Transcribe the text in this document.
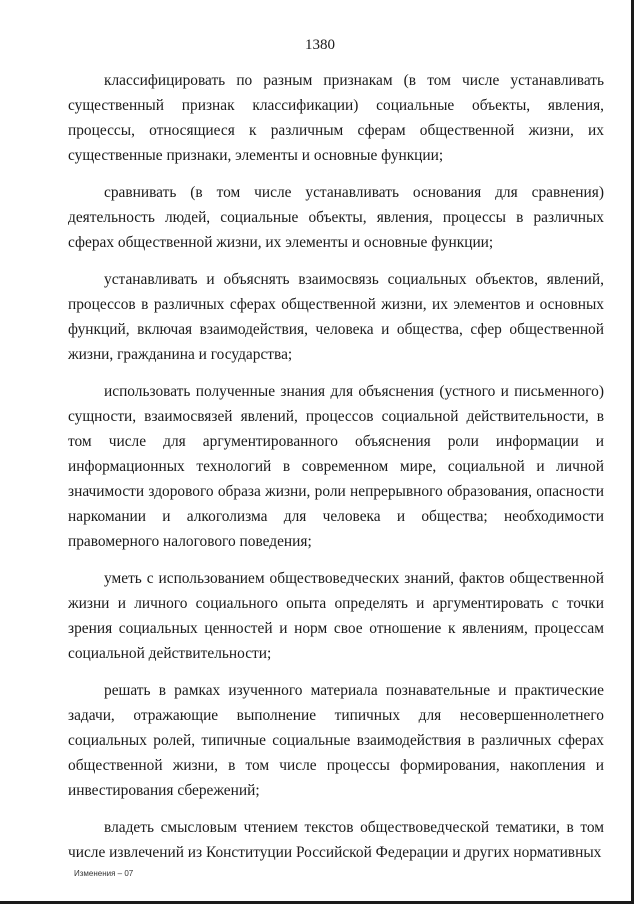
1380

классифицировать по разным признакам (в том числе устанавливать существенный признак классификации) социальные объекты, явления, процессы, относящиеся к различным сферам общественной жизни, их существенные признаки, элементы и основные функции;

сравнивать (в том числе устанавливать основания для сравнения) деятельность людей, социальные объекты, явления, процессы в различных сферах общественной жизни, их элементы и основные функции;

устанавливать и объяснять взаимосвязь социальных объектов, явлений, процессов в различных сферах общественной жизни, их элементов и основных функций, включая взаимодействия, человека и общества, сфер общественной жизни, гражданина и государства;

использовать полученные знания для объяснения (устного и письменного) сущности, взаимосвязей явлений, процессов социальной действительности, в том числе для аргументированного объяснения роли информации и информационных технологий в современном мире, социальной и личной значимости здорового образа жизни, роли непрерывного образования, опасности наркомании и алкоголизма для человека и общества; необходимости правомерного налогового поведения;

уметь с использованием обществоведческих знаний, фактов общественной жизни и личного социального опыта определять и аргументировать с точки зрения социальных ценностей и норм свое отношение к явлениям, процессам социальной действительности;

решать в рамках изученного материала познавательные и практические задачи, отражающие выполнение типичных для несовершеннолетнего социальных ролей, типичные социальные взаимодействия в различных сферах общественной жизни, в том числе процессы формирования, накопления и инвестирования сбережений;

владеть смысловым чтением текстов обществоведческой тематики, в том числе извлечений из Конституции Российской Федерации и других нормативных

Изменения – 07
